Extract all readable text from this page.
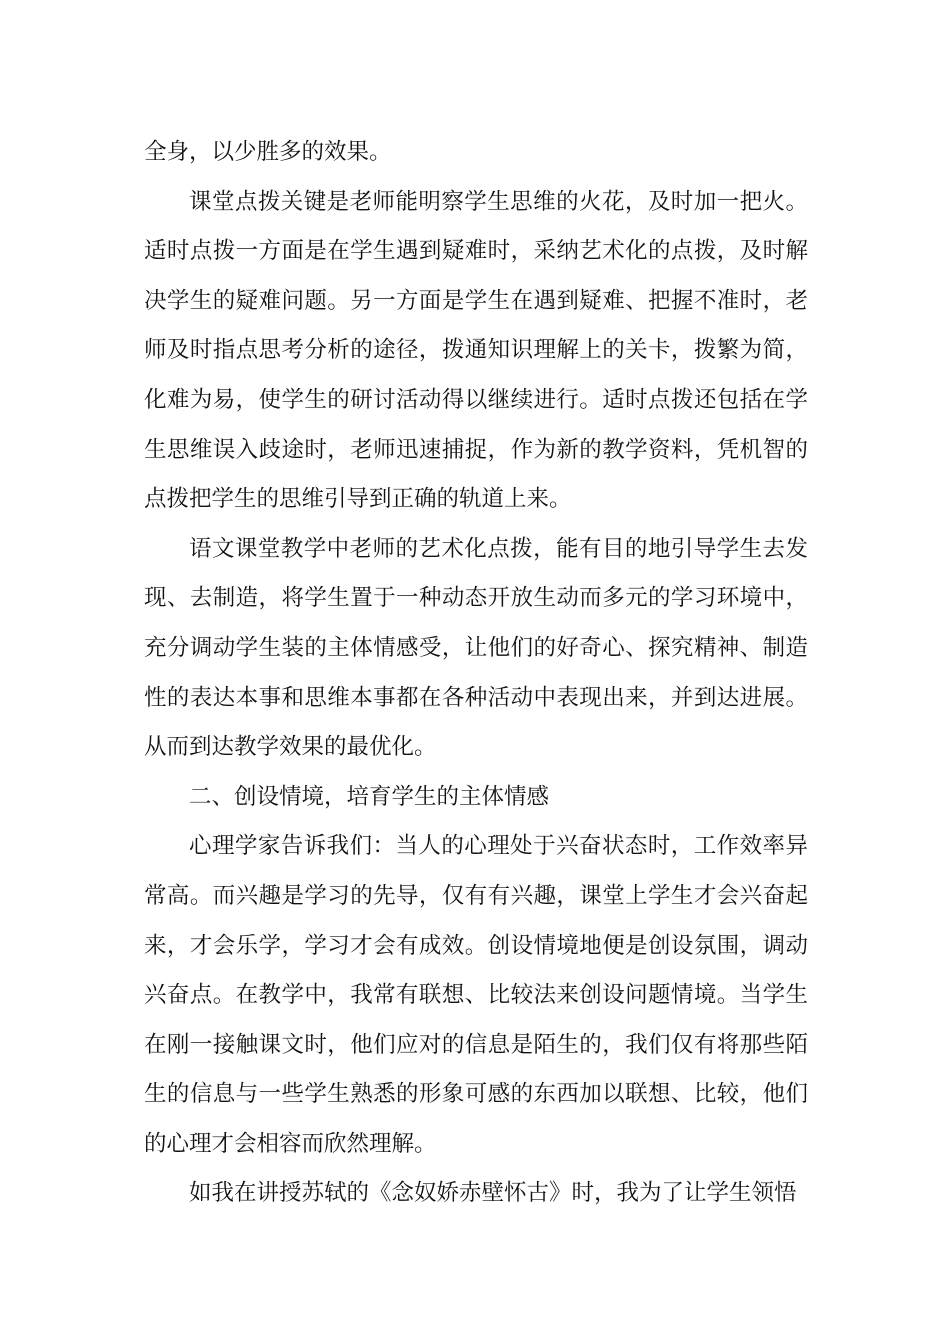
全身，以少胜多的效果。

课堂点拨关键是老师能明察学生思维的火花，及时加一把火。适时点拨一方面是在学生遇到疑难时，采纳艺术化的点拨，及时解决学生的疑难问题。另一方面是学生在遇到疑难、把握不准时，老师及时指点思考分析的途径，拨通知识理解上的关卡，拨繁为简，化难为易，使学生的研讨活动得以继续进行。适时点拨还包括在学生思维误入歧途时，老师迅速捕捉，作为新的教学资料，凭机智的点拨把学生的思维引导到正确的轨道上来。

语文课堂教学中老师的艺术化点拨，能有目的地引导学生去发现、去制造，将学生置于一种动态开放生动而多元的学习环境中，充分调动学生装的主体情感受，让他们的好奇心、探究精神、制造性的表达本事和思维本事都在各种活动中表现出来，并到达进展。从而到达教学效果的最优化。

二、创设情境，培育学生的主体情感

心理学家告诉我们：当人的心理处于兴奋状态时，工作效率异常高。而兴趣是学习的先导，仅有有兴趣，课堂上学生才会兴奋起来，才会乐学，学习才会有成效。创设情境地便是创设氛围，调动兴奋点。在教学中，我常有联想、比较法来创设问题情境。当学生在刚一接触课文时，他们应对的信息是陌生的，我们仅有将那些陌生的信息与一些学生熟悉的形象可感的东西加以联想、比较，他们的心理才会相容而欣然理解。

如我在讲授苏轼的《念奴娇赤壁怀古》时，我为了让学生领悟
